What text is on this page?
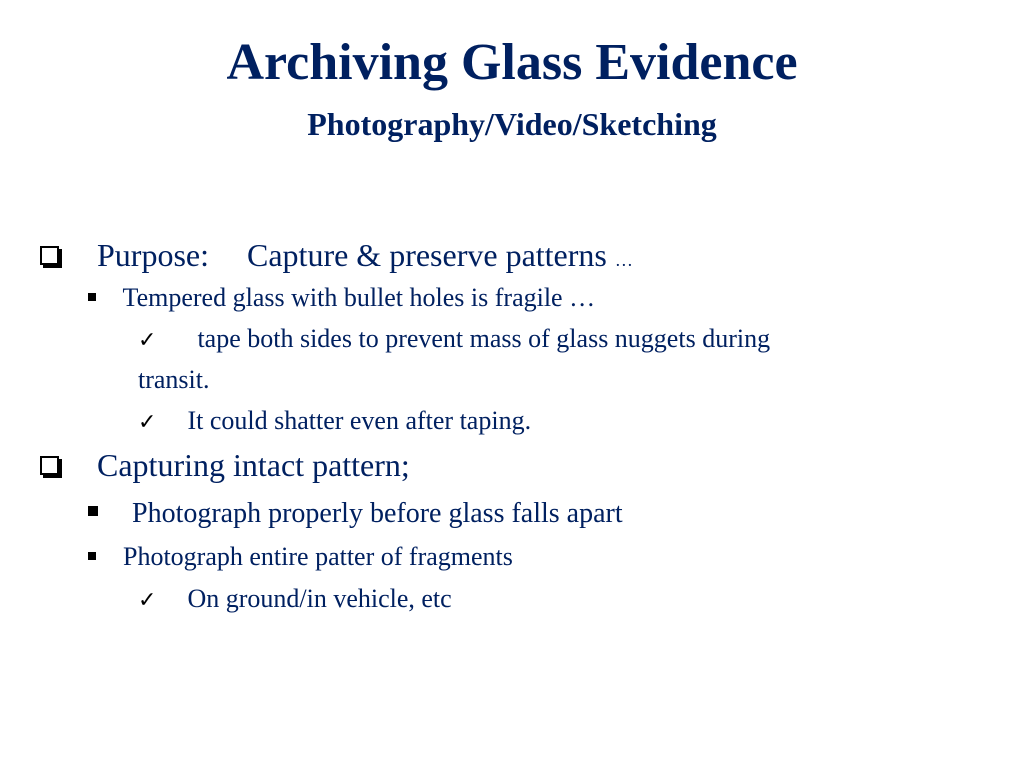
Archiving Glass Evidence
Photography/Video/Sketching
Purpose: Capture & preserve patterns …
Tempered glass with bullet holes is fragile …
✓ tape both sides to prevent mass of glass nuggets during
transit.
✓ It could shatter even after taping.
Capturing intact pattern;
Photograph properly before glass falls apart
Photograph entire patter of fragments
✓ On ground/in vehicle, etc
